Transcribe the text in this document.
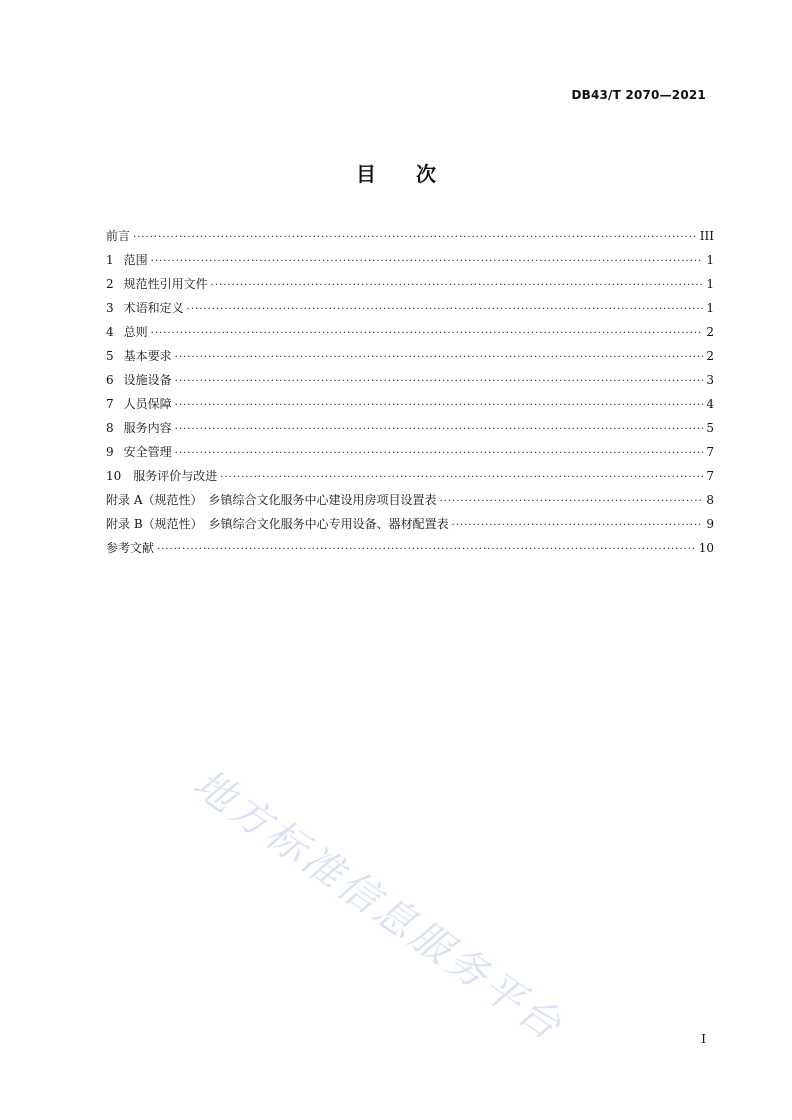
DB43/T 2070—2021
目 次
前言 ·····	III
1 范围 ·····	1
2 规范性引用文件 ·····	1
3 术语和定义 ·····	1
4 总则 ·····	2
5 基本要求 ·····	2
6 设施设备 ·····	3
7 人员保障 ·····	4
8 服务内容 ·····	5
9 安全管理 ·····	7
10 服务评价与改进 ·····	7
附录 A（规范性）　乡镇综合文化服务中心建设用房项目设置表 ·····	8
附录 B（规范性）　乡镇综合文化服务中心专用设备、器材配置表 ·····	9
参考文献 ·····	10
地方标准信息服务平台	I
